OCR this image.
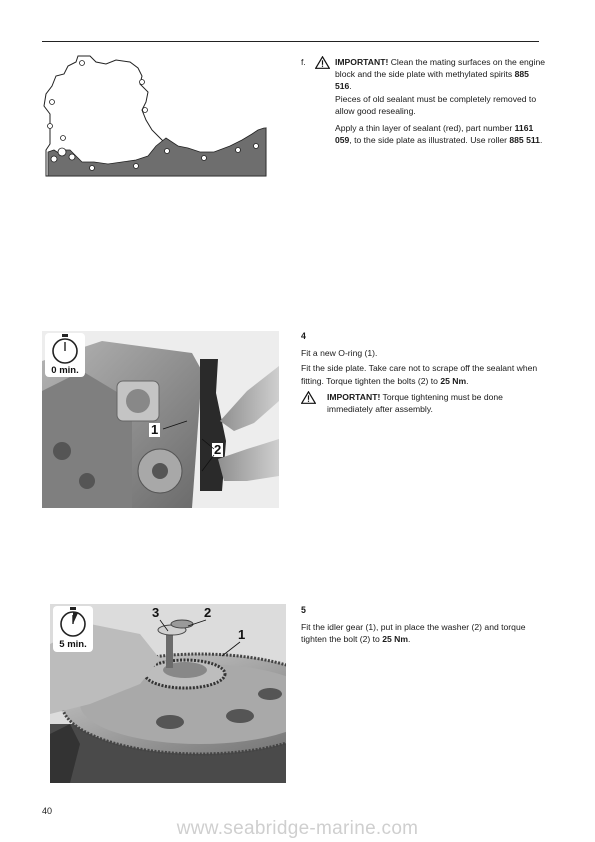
f.	IMPORTANT! Clean the mating surfaces on the engine block and the side plate with methylated spirits 885 516.
Pieces of old sealant must be completely removed to allow good resealing.

Apply a thin layer of sealant (red), part number 1161 059, to the side plate as illustrated. Use roller 885 511.

0 min.
1
2

4

Fit a new O-ring (1).

Fit the side plate. Take care not to scrape off the sealant when fitting. Torque tighten the bolts (2) to 25 Nm.

IMPORTANT! Torque tightening must be done immediately after assembly.

5 min.
3	2
1

5

Fit the idler gear (1), put in place the washer (2) and torque tighten the bolt (2) to 25 Nm.

40
www.seabridge-marine.com
